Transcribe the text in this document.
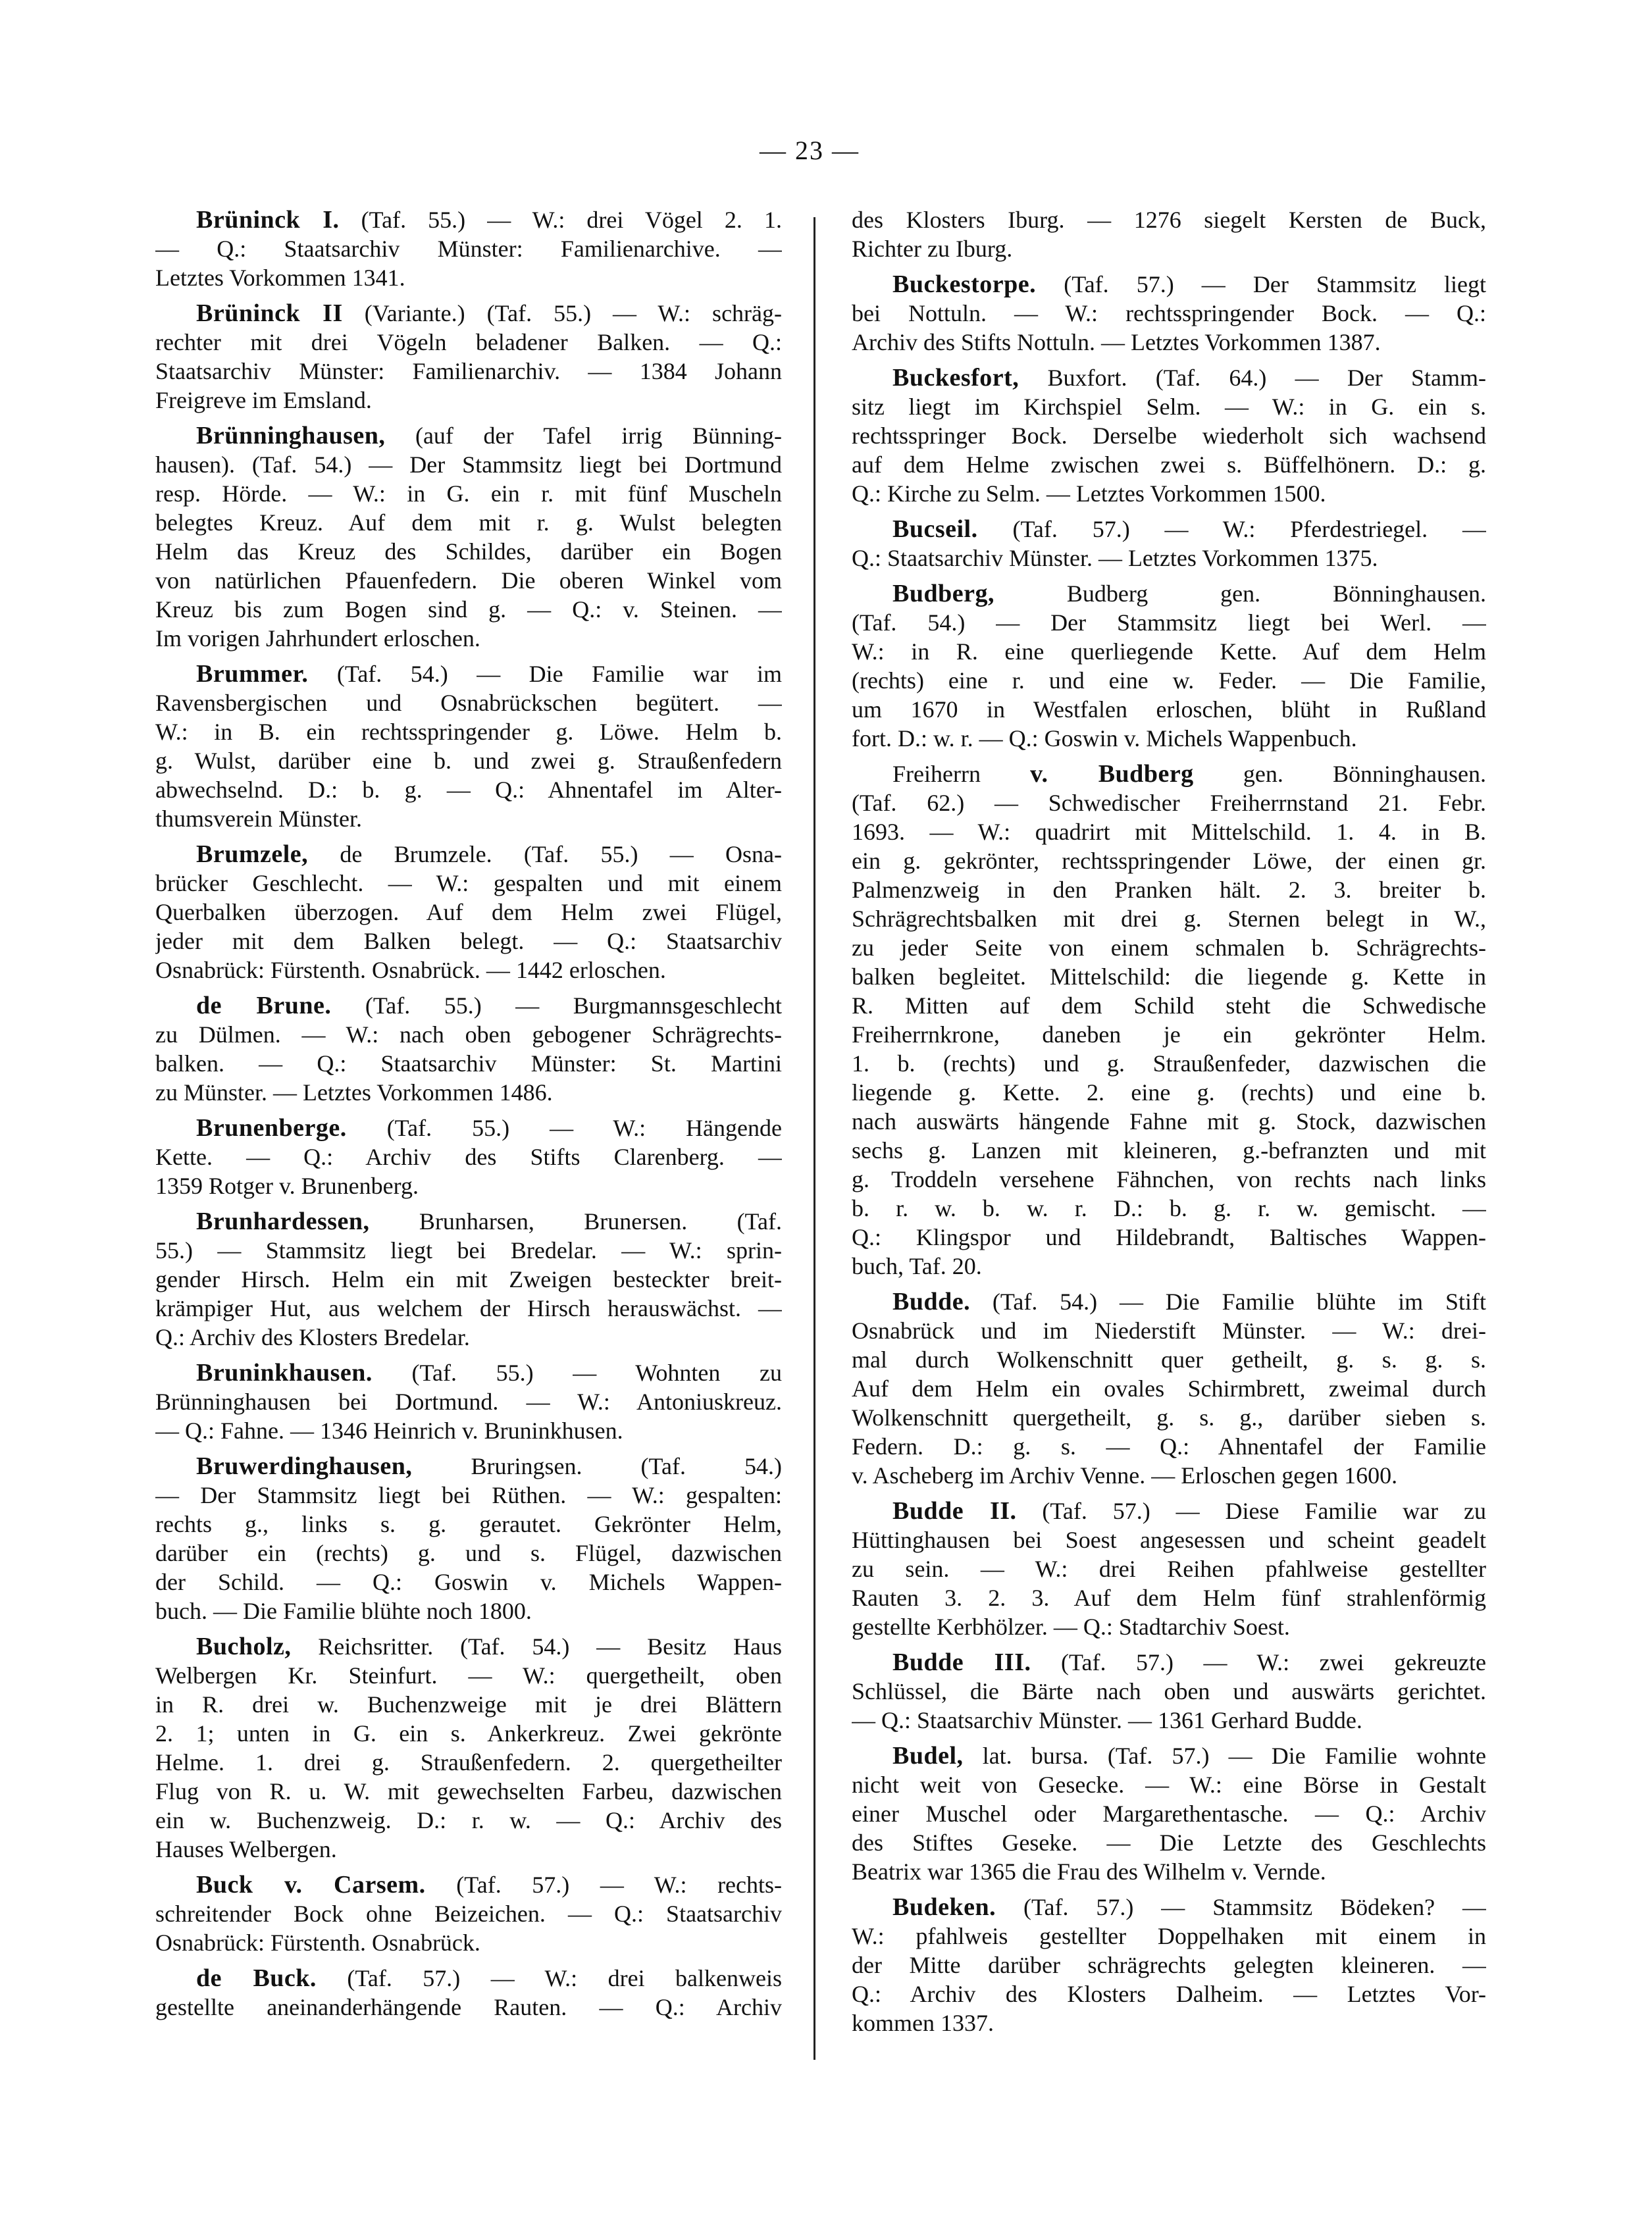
— 23 —
Brüninck I. (Taf. 55.) — W.: drei Vögel 2. 1.
— Q.: Staatsarchiv Münster: Familienarchive. —
Letztes Vorkommen 1341.
Brüninck II (Variante.) (Taf. 55.) — W.: schräg-
rechter mit drei Vögeln beladener Balken. — Q.:
Staatsarchiv Münster: Familienarchiv. — 1384 Johann
Freigreve im Emsland.
Brünninghausen, (auf der Tafel irrig Bünning-
hausen). (Taf. 54.) — Der Stammsitz liegt bei Dortmund
resp. Hörde. — W.: in G. ein r. mit fünf Muscheln
belegtes Kreuz. Auf dem mit r. g. Wulst belegten
Helm das Kreuz des Schildes, darüber ein Bogen
von natürlichen Pfauenfedern. Die oberen Winkel vom
Kreuz bis zum Bogen sind g. — Q.: v. Steinen. —
Im vorigen Jahrhundert erloschen.
Brummer. (Taf. 54.) — Die Familie war im
Ravensbergischen und Osnabrückschen begütert. —
W.: in B. ein rechtsspringender g. Löwe. Helm b.
g. Wulst, darüber eine b. und zwei g. Straußenfedern
abwechselnd. D.: b. g. — Q.: Ahnentafel im Alter-
thumsverein Münster.
Brumzele, de Brumzele. (Taf. 55.) — Osna-
brücker Geschlecht. — W.: gespalten und mit einem
Querbalken überzogen. Auf dem Helm zwei Flügel,
jeder mit dem Balken belegt. — Q.: Staatsarchiv
Osnabrück: Fürstenth. Osnabrück. — 1442 erloschen.
de Brune. (Taf. 55.) — Burgmannsgeschlecht
zu Dülmen. — W.: nach oben gebogener Schrägrechts-
balken. — Q.: Staatsarchiv Münster: St. Martini
zu Münster. — Letztes Vorkommen 1486.
Brunenberge. (Taf. 55.) — W.: Hängende
Kette. — Q.: Archiv des Stifts Clarenberg. —
1359 Rotger v. Brunenberg.
Brunhardessen, Brunharsen, Brunersen. (Taf.
55.) — Stammsitz liegt bei Bredelar. — W.: sprin-
gender Hirsch. Helm ein mit Zweigen besteckter breit-
krämpiger Hut, aus welchem der Hirsch herauswächst. —
Q.: Archiv des Klosters Bredelar.
Bruninkhausen. (Taf. 55.) — Wohnten zu
Brünninghausen bei Dortmund. — W.: Antoniuskreuz.
— Q.: Fahne. — 1346 Heinrich v. Bruninkhusen.
Bruwerdinghausen, Bruringsen. (Taf. 54.)
— Der Stammsitz liegt bei Rüthen. — W.: gespalten:
rechts g., links s. g. gerautet. Gekrönter Helm,
darüber ein (rechts) g. und s. Flügel, dazwischen
der Schild. — Q.: Goswin v. Michels Wappen-
buch. — Die Familie blühte noch 1800.
Bucholz, Reichsritter. (Taf. 54.) — Besitz Haus
Welbergen Kr. Steinfurt. — W.: quergetheilt, oben
in R. drei w. Buchenzweige mit je drei Blättern
2. 1; unten in G. ein s. Ankerkreuz. Zwei gekrönte
Helme. 1. drei g. Straußenfedern. 2. quergetheilter
Flug von R. u. W. mit gewechselten Farbeu, dazwischen
ein w. Buchenzweig. D.: r. w. — Q.: Archiv des
Hauses Welbergen.
Buck v. Carsem. (Taf. 57.) — W.: rechts-
schreitender Bock ohne Beizeichen. — Q.: Staatsarchiv
Osnabrück: Fürstenth. Osnabrück.
de Buck. (Taf. 57.) — W.: drei balkenweis
gestellte aneinanderhängende Rauten. — Q.: Archiv
des Klosters Iburg. — 1276 siegelt Kersten de Buck,
Richter zu Iburg.
Buckestorpe. (Taf. 57.) — Der Stammsitz liegt
bei Nottuln. — W.: rechtsspringender Bock. — Q.:
Archiv des Stifts Nottuln. — Letztes Vorkommen 1387.
Buckesfort, Buxfort. (Taf. 64.) — Der Stamm-
sitz liegt im Kirchspiel Selm. — W.: in G. ein s.
rechtsspringer Bock. Derselbe wiederholt sich wachsend
auf dem Helme zwischen zwei s. Büffelhönern. D.: g.
Q.: Kirche zu Selm. — Letztes Vorkommen 1500.
Bucseil. (Taf. 57.) — W.: Pferdestriegel. —
Q.: Staatsarchiv Münster. — Letztes Vorkommen 1375.
Budberg, Budberg gen. Bönninghausen.
(Taf. 54.) — Der Stammsitz liegt bei Werl. —
W.: in R. eine querliegende Kette. Auf dem Helm
(rechts) eine r. und eine w. Feder. — Die Familie,
um 1670 in Westfalen erloschen, blüht in Rußland
fort. D.: w. r. — Q.: Goswin v. Michels Wappenbuch.
Freiherrn v. Budberg gen. Bönninghausen.
(Taf. 62.) — Schwedischer Freiherrnstand 21. Febr.
1693. — W.: quadrirt mit Mittelschild. 1. 4. in B.
ein g. gekrönter, rechtsspringender Löwe, der einen gr.
Palmenzweig in den Pranken hält. 2. 3. breiter b.
Schrägrechtsbalken mit drei g. Sternen belegt in W.,
zu jeder Seite von einem schmalen b. Schrägrechts-
balken begleitet. Mittelschild: die liegende g. Kette in
R. Mitten auf dem Schild steht die Schwedische
Freiherrnkrone, daneben je ein gekrönter Helm.
1. b. (rechts) und g. Straußenfeder, dazwischen die
liegende g. Kette. 2. eine g. (rechts) und eine b.
nach auswärts hängende Fahne mit g. Stock, dazwischen
sechs g. Lanzen mit kleineren, g.-befranzten und mit
g. Troddeln versehene Fähnchen, von rechts nach links
b. r. w. b. w. r. D.: b. g. r. w. gemischt. —
Q.: Klingspor und Hildebrandt, Baltisches Wappen-
buch, Taf. 20.
Budde. (Taf. 54.) — Die Familie blühte im Stift
Osnabrück und im Niederstift Münster. — W.: drei-
mal durch Wolkenschnitt quer getheilt, g. s. g. s.
Auf dem Helm ein ovales Schirmbrett, zweimal durch
Wolkenschnitt quergetheilt, g. s. g., darüber sieben s.
Federn. D.: g. s. — Q.: Ahnentafel der Familie
v. Ascheberg im Archiv Venne. — Erloschen gegen 1600.
Budde II. (Taf. 57.) — Diese Familie war zu
Hüttinghausen bei Soest angesessen und scheint geadelt
zu sein. — W.: drei Reihen pfahlweise gestellter
Rauten 3. 2. 3. Auf dem Helm fünf strahlenförmig
gestellte Kerbhölzer. — Q.: Stadtarchiv Soest.
Budde III. (Taf. 57.) — W.: zwei gekreuzte
Schlüssel, die Bärte nach oben und auswärts gerichtet.
— Q.: Staatsarchiv Münster. — 1361 Gerhard Budde.
Budel, lat. bursa. (Taf. 57.) — Die Familie wohnte
nicht weit von Gesecke. — W.: eine Börse in Gestalt
einer Muschel oder Margarethentasche. — Q.: Archiv
des Stiftes Geseke. — Die Letzte des Geschlechts
Beatrix war 1365 die Frau des Wilhelm v. Vernde.
Budeken. (Taf. 57.) — Stammsitz Bödeken? —
W.: pfahlweis gestellter Doppelhaken mit einem in
der Mitte darüber schrägrechts gelegten kleineren. —
Q.: Archiv des Klosters Dalheim. — Letztes Vor-
kommen 1337.
